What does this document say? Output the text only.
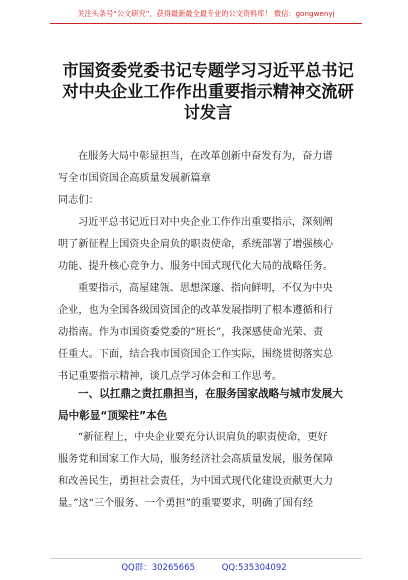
关注头条号“公文研究”，获得最新最全最专业的公文资料库！ 微信：gongwenyj
市国资委党委书记专题学习习近平总书记
对中央企业工作作出重要指示精神交流研
讨发言
在服务大局中彰显担当，在改革创新中奋发有为，奋力谱
写全市国资国企高质量发展新篇章
同志们：
习近平总书记近日对中央企业工作作出重要指示，深刻阐
明了新征程上国资央企肩负的职责使命，系统部署了增强核心
功能、提升核心竞争力、服务中国式现代化大局的战略任务。
重要指示，高屋建瓴、思想深邃、指向鲜明，不仅为中央
企业，也为全国各级国资国企的改革发展指明了根本遵循和行
动指南。作为市国资委党委的“班长”，我深感使命光荣、责
任重大。下面，结合我市国资国企工作实际，围绕贯彻落实总
书记重要指示精神，谈几点学习体会和工作思考。
一、以扛鼎之责扛鼎担当，在服务国家战略与城市发展大
局中彰显“顶梁柱”本色
“新征程上，中央企业要充分认识肩负的职责使命，更好
服务党和国家工作大局，服务经济社会高质量发展，服务保障
和改善民生，勇担社会责任，为中国式现代化建设贡献更大力
量。”这“三个服务、一个勇担”的重要要求，明确了国有经
QQ群：30265665	QQ:535304092
